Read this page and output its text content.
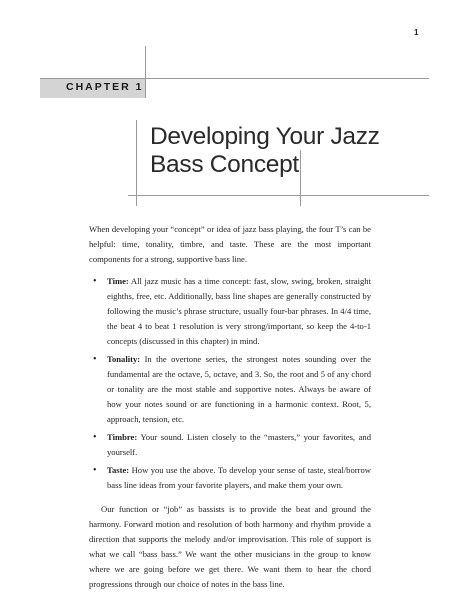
1
CHAPTER 1
Developing Your Jazz
Bass Concept

When developing your “concept” or idea of jazz bass playing, the four T’s can be helpful: time, tonality, timbre, and taste. These are the most important components for a strong, supportive bass line.

• Time: All jazz music has a time concept: fast, slow, swing, broken, straight eighths, free, etc. Additionally, bass line shapes are generally constructed by following the music’s phrase structure, usually four-bar phrases. In 4/4 time, the beat 4 to beat 1 resolution is very strong/important, so keep the 4-to-1 concepts (discussed in this chapter) in mind.
• Tonality: In the overtone series, the strongest notes sounding over the fundamental are the octave, 5, octave, and 3. So, the root and 5 of any chord or tonality are the most stable and supportive notes. Always be aware of how your notes sound or are functioning in a harmonic context. Root, 5, approach, tension, etc.
• Timbre: Your sound. Listen closely to the “masters,” your favorites, and yourself.
• Taste: How you use the above. To develop your sense of taste, steal/borrow bass line ideas from your favorite players, and make them your own.

Our function or “job” as bassists is to provide the beat and ground the harmony. Forward motion and resolution of both harmony and rhythm provide a direction that supports the melody and/or improvisation. This role of support is what we call “bass bass.” We want the other musicians in the group to know where we are going before we get there. We want them to hear the chord progressions through our choice of notes in the bass line.
